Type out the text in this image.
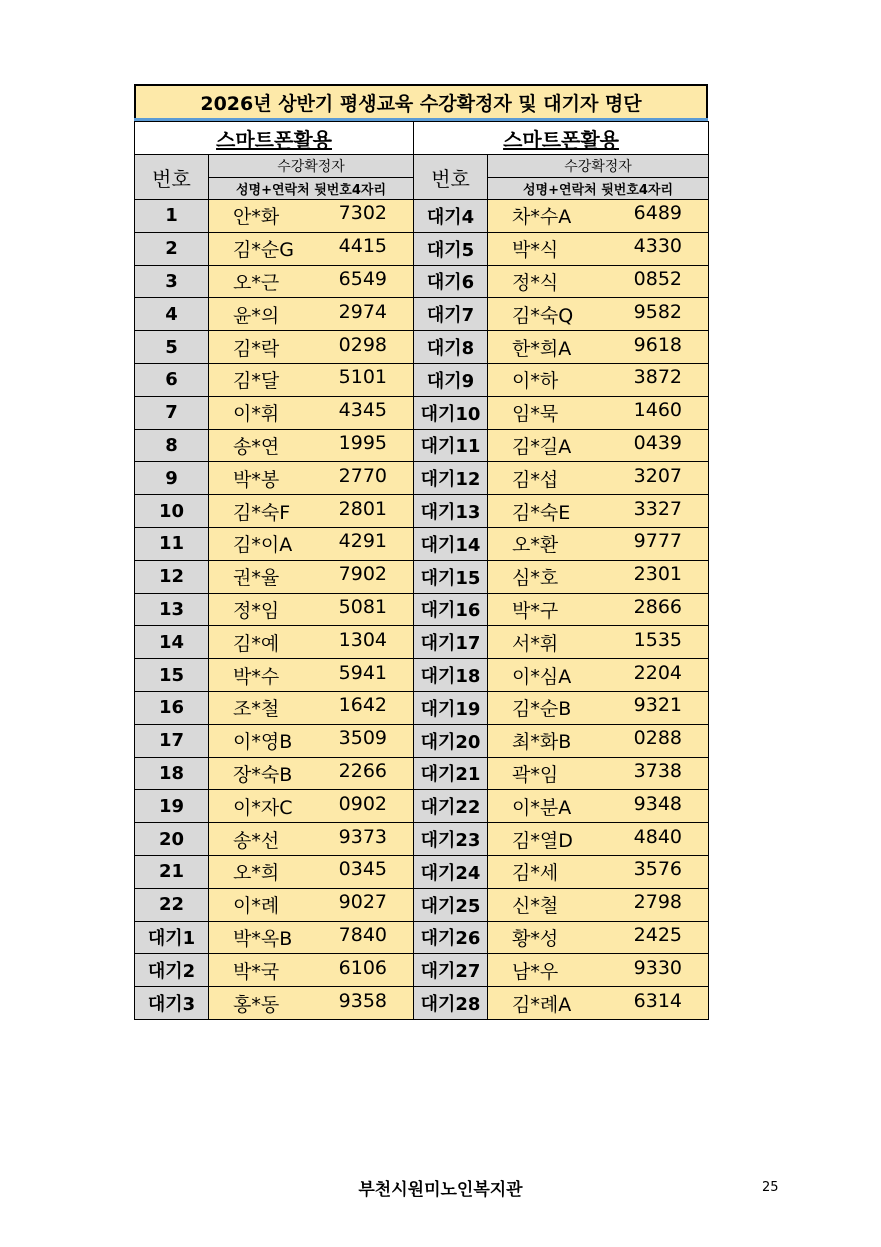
2026년 상반기 평생교육 수강확정자 및 대기자 명단
스마트폰활용		스마트폰활용	
번호	수강확정자	번호	수강확정자
	성명+연락처 뒷번호4자리		성명+연락처 뒷번호4자리
1	안*화 7302	대기4	차*수A 6489

2	김*순G 4415	대기5	박*식 4330

3	오*근 6549	대기6	정*식 0852

4	윤*의 2974	대기7	김*숙Q 9582

5	김*락 0298	대기8	한*희A 9618

6	김*달 5101	대기9	이*하 3872

7	이*휘 4345	대기10	임*묵 1460

8	송*연 1995	대기11	김*길A 0439

9	박*봉 2770	대기12	김*섭 3207

10	김*숙F 2801	대기13	김*숙E 3327

11	김*이A 4291	대기14	오*환 9777

12	권*율 7902	대기15	심*호 2301

13	정*임 5081	대기16	박*구 2866

14	김*예 1304	대기17	서*휘 1535

15	박*수 5941	대기18	이*심A 2204

16	조*철 1642	대기19	김*순B 9321

17	이*영B 3509	대기20	최*화B 0288

18	장*숙B 2266	대기21	곽*임 3738

19	이*자C 0902	대기22	이*분A 9348

20	송*선 9373	대기23	김*열D 4840

21	오*희 0345	대기24	김*세 3576

22	이*례 9027	대기25	신*철 2798

대기1	박*옥B 7840	대기26	황*성 2425

대기2	박*국 6106	대기27	남*우 9330

대기3	홍*동 9358	대기28	김*례A 6314
부천시원미노인복지관	25
